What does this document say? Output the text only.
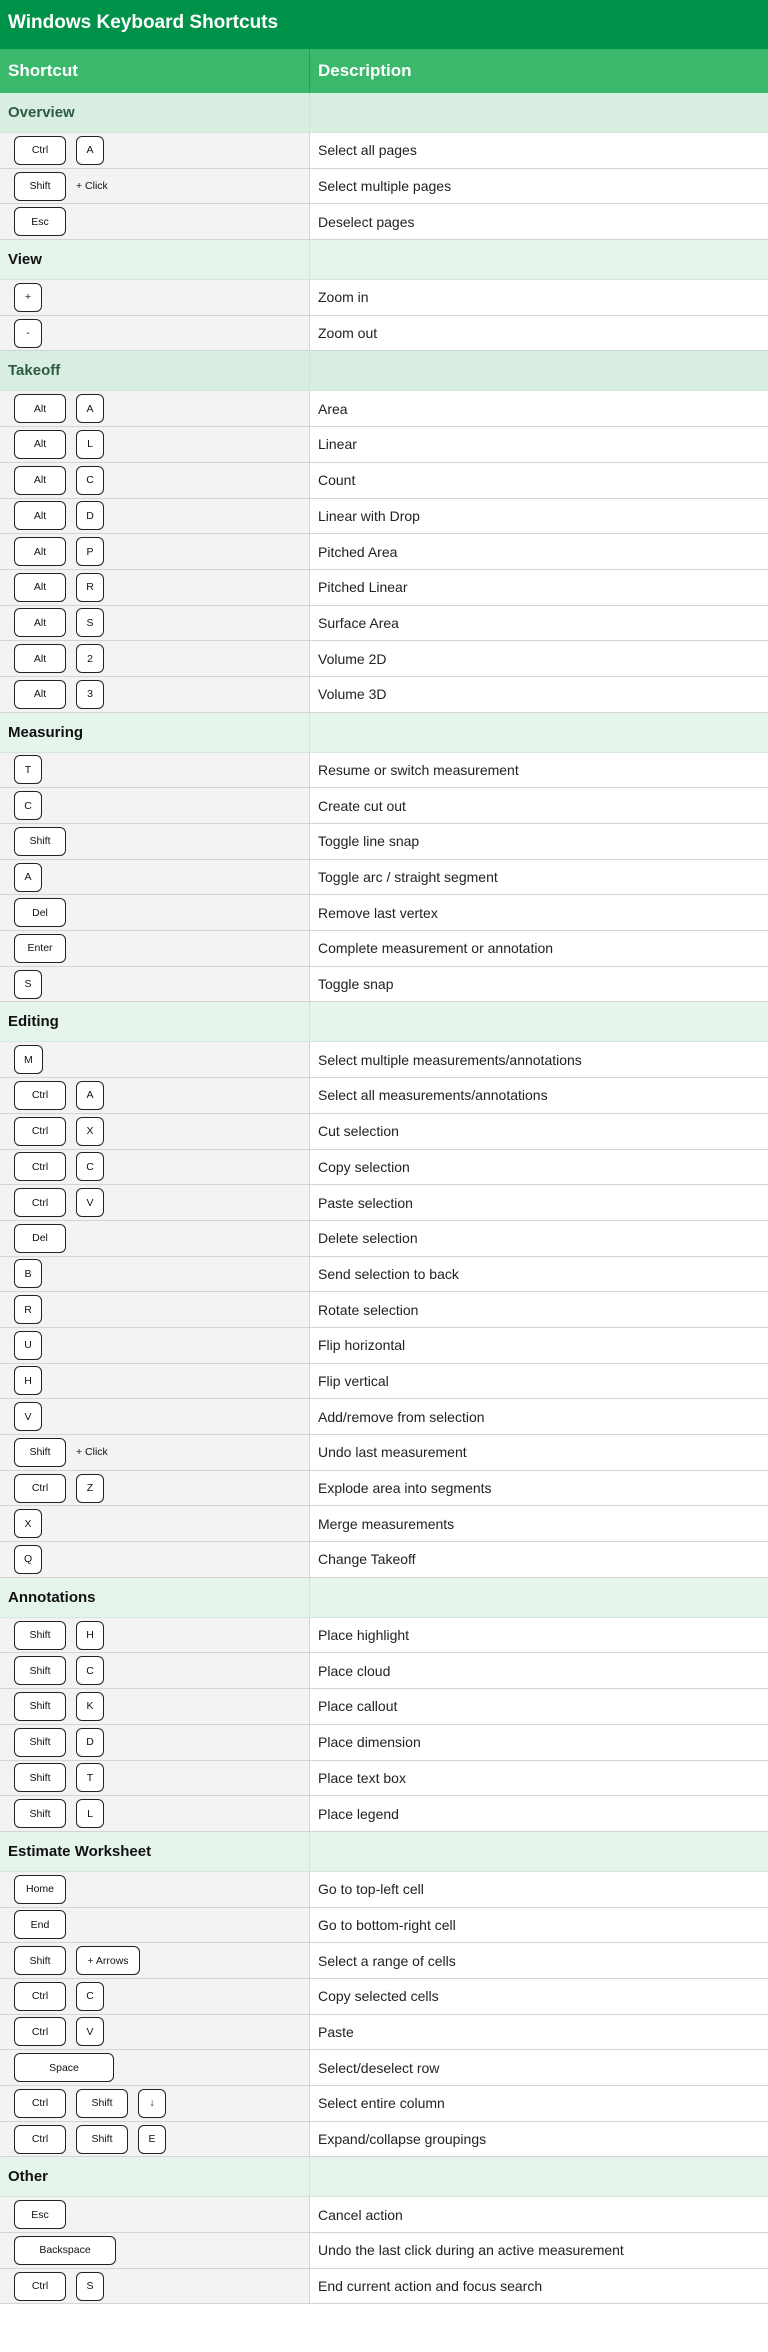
Windows Keyboard Shortcuts
Shortcut	Description
Overview
Ctrl	A	Select all pages
Shift	+ Click	Select multiple pages
Esc	Deselect pages
View
+	Zoom in
-	Zoom out
Takeoff
Alt	A	Area
Alt	L	Linear
Alt	C	Count
Alt	D	Linear with Drop
Alt	P	Pitched Area
Alt	R	Pitched Linear
Alt	S	Surface Area
Alt	2	Volume 2D
Alt	3	Volume 3D
Measuring
T	Resume or switch measurement
C	Create cut out
Shift	Toggle line snap
A	Toggle arc / straight segment
Del	Remove last vertex
Enter	Complete measurement or annotation
S	Toggle snap
Editing
M	Select multiple measurements/annotations
Ctrl	A	Select all measurements/annotations
Ctrl	X	Cut selection
Ctrl	C	Copy selection
Ctrl	V	Paste selection
Del	Delete selection
B	Send selection to back
R	Rotate selection
U	Flip horizontal
H	Flip vertical
V	Add/remove from selection
Shift	+ Click	Undo last measurement
Ctrl	Z	Explode area into segments
X	Merge measurements
Q	Change Takeoff
Annotations
Shift	H	Place highlight
Shift	C	Place cloud
Shift	K	Place callout
Shift	D	Place dimension
Shift	T	Place text box
Shift	L	Place legend
Estimate Worksheet
Home	Go to top-left cell
End	Go to bottom-right cell
Shift	+ Arrows	Select a range of cells
Ctrl	C	Copy selected cells
Ctrl	V	Paste
Space	Select/deselect row
Ctrl	Shift	↓	Select entire column
Ctrl	Shift	E	Expand/collapse groupings
Other
Esc	Cancel action
Backspace	Undo the last click during an active measurement
Ctrl	S	End current action and focus search
